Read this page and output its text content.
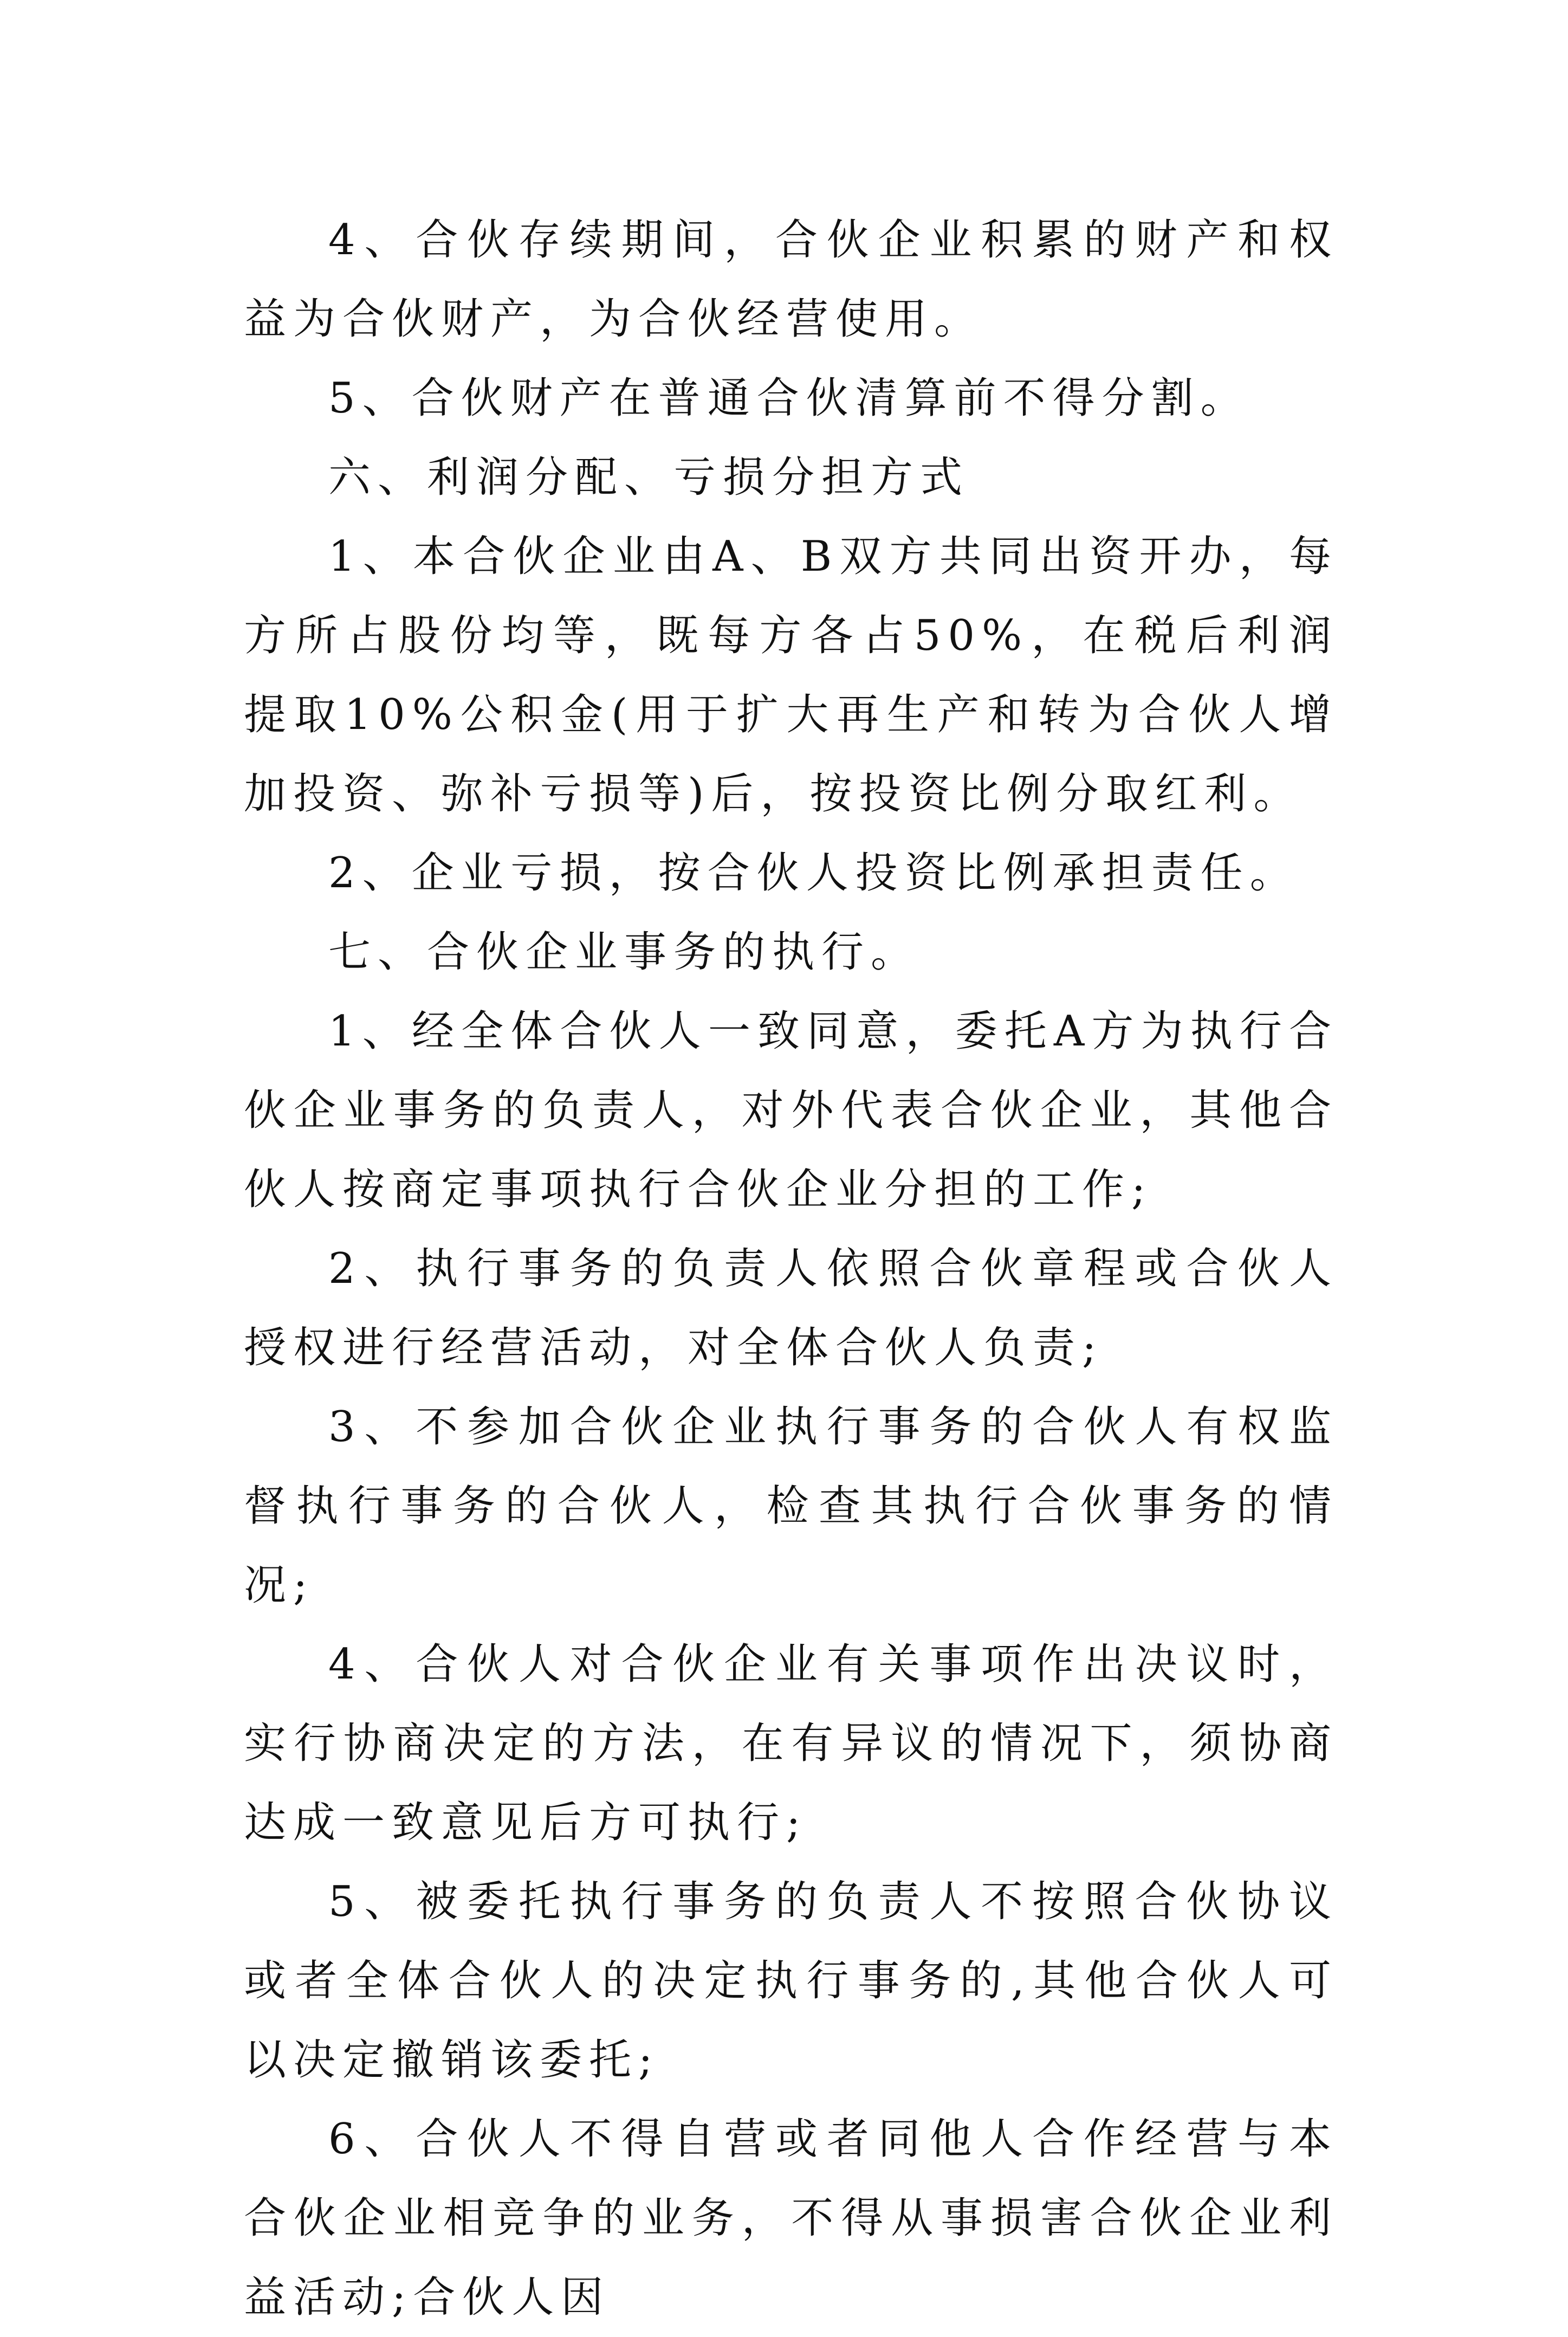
4、合伙存续期间，合伙企业积累的财产和权益为合伙财产，为合伙经营使用。

5、合伙财产在普通合伙清算前不得分割。

六、利润分配、亏损分担方式

1、本合伙企业由A、B双方共同出资开办，每方所占股份均等，既每方各占50%，在税后利润提取10%公积金(用于扩大再生产和转为合伙人增加投资、弥补亏损等)后，按投资比例分取红利。

2、企业亏损，按合伙人投资比例承担责任。

七、合伙企业事务的执行。

1、经全体合伙人一致同意，委托A方为执行合伙企业事务的负责人，对外代表合伙企业，其他合伙人按商定事项执行合伙企业分担的工作;

2、执行事务的负责人依照合伙章程或合伙人授权进行经营活动，对全体合伙人负责;

3、不参加合伙企业执行事务的合伙人有权监督执行事务的合伙人，检查其执行合伙事务的情况;

4、合伙人对合伙企业有关事项作出决议时，实行协商决定的方法，在有异议的情况下，须协商达成一致意见后方可执行;

5、被委托执行事务的负责人不按照合伙协议或者全体合伙人的决定执行事务的,其他合伙人可以决定撤销该委托;

6、合伙人不得自营或者同他人合作经营与本合伙企业相竞争的业务，不得从事损害合伙企业利益活动;合伙人因
